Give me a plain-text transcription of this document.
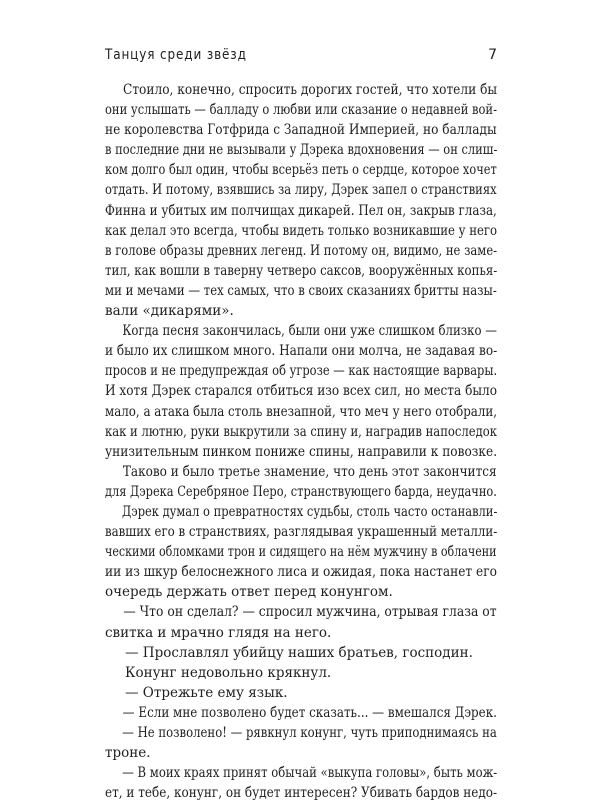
Танцуя среди звёзд	7
Стоило, конечно, спросить дорогих гостей, что хотели бы
они услышать — балладу о любви или сказание о недавней вой-
не королевства Готфрида с Западной Империей, но баллады
в последние дни не вызывали у Дэрека вдохновения — он слиш-
ком долго был один, чтобы всерьёз петь о сердце, которое хочет
отдать. И потому, взявшись за лиру, Дэрек запел о странствиях
Финна и убитых им полчищах дикарей. Пел он, закрыв глаза,
как делал это всегда, чтобы видеть только возникавшие у него
в голове образы древних легенд. И потому он, видимо, не заме-
тил, как вошли в таверну четверо саксов, вооружённых копья-
ми и мечами — тех самых, что в своих сказаниях бритты назы-
вали «дикарями».
Когда песня закончилась, были они уже слишком близко —
и было их слишком много. Напали они молча, не задавая во-
просов и не предупреждая об угрозе — как настоящие варвары.
И хотя Дэрек старался отбиться изо всех сил, но места было
мало, а атака была столь внезапной, что меч у него отобрали,
как и лютню, руки выкрутили за спину и, наградив напоследок
унизительным пинком пониже спины, направили к повозке.
Таково и было третье знамение, что день этот закончится
для Дэрека Серебряное Перо, странствующего барда, неудачно.
Дэрек думал о превратностях судьбы, столь часто останавли-
вавших его в странствиях, разглядывая украшенный металли-
ческими обломками трон и сидящего на нём мужчину в облачени
ии из шкур белоснежного лиса и ожидая, пока настанет его
очередь держать ответ перед конунгом.
— Что он сделал? — спросил мужчина, отрывая глаза от
свитка и мрачно глядя на него.
— Прославлял убийцу наших братьев, господин.
Конунг недовольно крякнул.
— Отрежьте ему язык.
— Если мне позволено будет сказать... — вмешался Дэрек.
— Не позволено! — рявкнул конунг, чуть приподнимаясь на
троне.
— В моих краях принят обычай «выкупа головы», быть мож-
ет, и тебе, конунг, он будет интересен? Убивать бардов недо-
